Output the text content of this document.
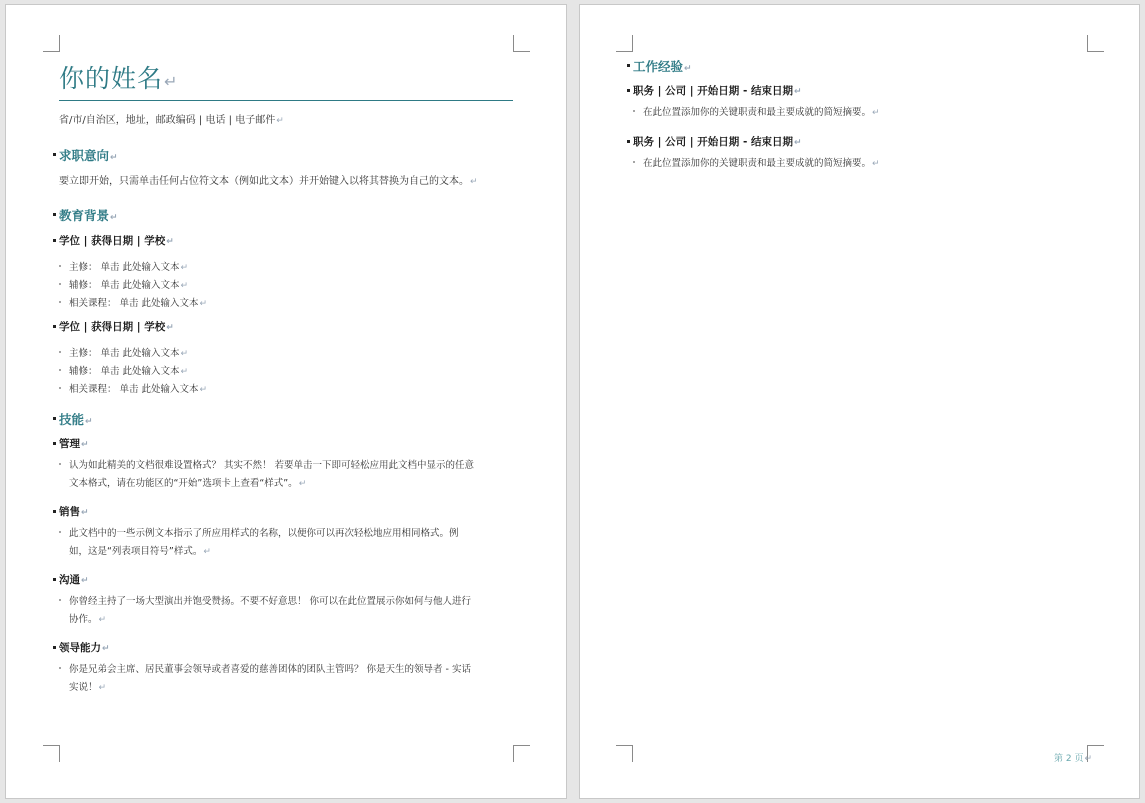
你的姓名↵
省/市/自治区，地址，邮政编码 | 电话 | 电子邮件↵
求职意向↵
要立即开始，只需单击任何占位符文本（例如此文本）并开始键入以将其替换为自己的文本。↵
教育背景↵
学位 | 获得日期 | 学校↵
主修： 单击 此处输入文本↵
辅修： 单击 此处输入文本↵
相关课程： 单击 此处输入文本↵
学位 | 获得日期 | 学校↵
主修： 单击 此处输入文本↵
辅修： 单击 此处输入文本↵
相关课程： 单击 此处输入文本↵
技能↵
管理↵
认为如此精美的文档很难设置格式？ 其实不然！ 若要单击一下即可轻松应用此文档中显示的任意
文本格式，请在功能区的“开始”选项卡上查看“样式”。↵
销售↵
此文档中的一些示例文本指示了所应用样式的名称，以便你可以再次轻松地应用相同格式。例
如，这是“列表项目符号”样式。↵
沟通↵
你曾经主持了一场大型演出并饱受赞扬。不要不好意思！ 你可以在此位置展示你如何与他人进行
协作。↵
领导能力↵
你是兄弟会主席、居民董事会领导或者喜爱的慈善团体的团队主管吗？ 你是天生的领导者 - 实话
实说！↵
工作经验↵
职务 | 公司 | 开始日期 - 结束日期↵
在此位置添加你的关键职责和最主要成就的简短摘要。↵
职务 | 公司 | 开始日期 - 结束日期↵
在此位置添加你的关键职责和最主要成就的简短摘要。↵
第 2 页↵
